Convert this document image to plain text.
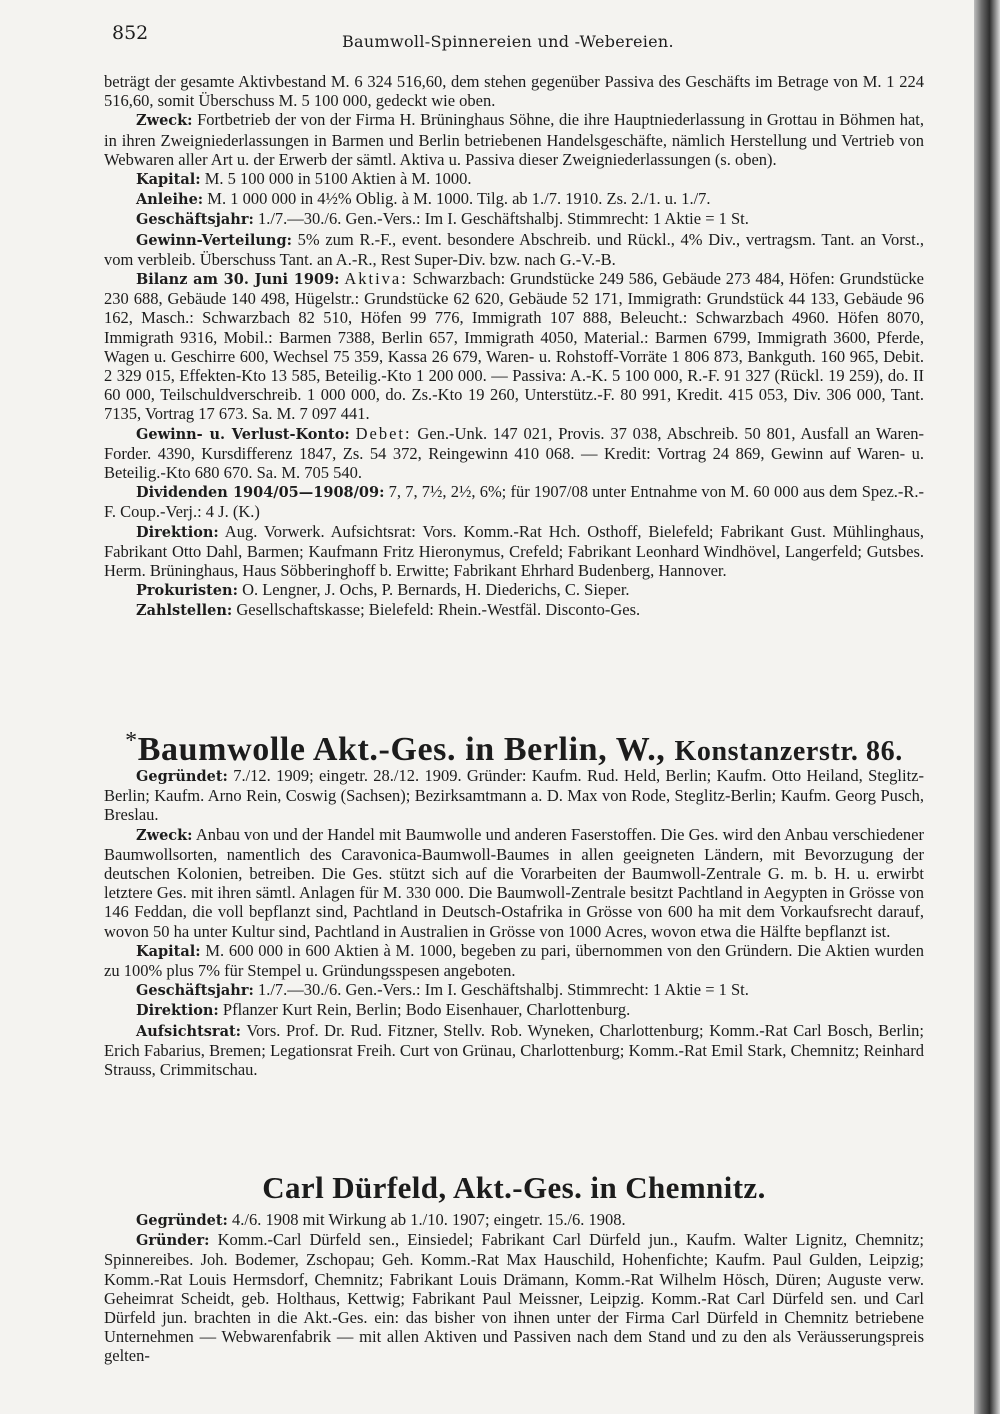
852	Baumwoll-Spinnereien und -Webereien.

beträgt der gesamte Aktivbestand M. 6 324 516,60, dem stehen gegenüber Passiva des Geschäfts im Betrage von M. 1 224 516,60, somit Überschuss M. 5 100 000, gedeckt wie oben.

Zweck: Fortbetrieb der von der Firma H. Brüninghaus Söhne, die ihre Hauptniederlassung in Grottau in Böhmen hat, in ihren Zweigniederlassungen in Barmen und Berlin betriebenen Handelsgeschäfte, nämlich Herstellung und Vertrieb von Webwaren aller Art u. der Erwerb der sämtl. Aktiva u. Passiva dieser Zweigniederlassungen (s. oben).

Kapital: M. 5 100 000 in 5100 Aktien à M. 1000.

Anleihe: M. 1 000 000 in 4½% Oblig. à M. 1000. Tilg. ab 1./7. 1910. Zs. 2./1. u. 1./7.

Geschäftsjahr: 1./7.—30./6. Gen.-Vers.: Im I. Geschäftshalbj. Stimmrecht: 1 Aktie = 1 St.

Gewinn-Verteilung: 5% zum R.-F., event. besondere Abschreib. und Rückl., 4% Div., vertragsm. Tant. an Vorst., vom verbleib. Überschuss Tant. an A.-R., Rest Super-Div. bzw. nach G.-V.-B.

Bilanz am 30. Juni 1909: Aktiva: Schwarzbach: Grundstücke 249 586, Gebäude 273 484, Höfen: Grundstücke 230 688, Gebäude 140 498, Hügelstr.: Grundstücke 62 620, Gebäude 52 171, Immigrath: Grundstück 44 133, Gebäude 96 162, Masch.: Schwarzbach 82 510, Höfen 99 776, Immigrath 107 888, Beleucht.: Schwarzbach 4960. Höfen 8070, Immigrath 9316, Mobil.: Barmen 7388, Berlin 657, Immigrath 4050, Material.: Barmen 6799, Immigrath 3600, Pferde, Wagen u. Geschirre 600, Wechsel 75 359, Kassa 26 679, Waren- u. Rohstoff-Vorräte 1 806 873, Bankguth. 160 965, Debit. 2 329 015, Effekten-Kto 13 585, Beteilig.-Kto 1 200 000. — Passiva: A.-K. 5 100 000, R.-F. 91 327 (Rückl. 19 259), do. II 60 000, Teilschuldverschreib. 1 000 000, do. Zs.-Kto 19 260, Unterstütz.-F. 80 991, Kredit. 415 053, Div. 306 000, Tant. 7135, Vortrag 17 673. Sa. M. 7 097 441.

Gewinn- u. Verlust-Konto: Debet: Gen.-Unk. 147 021, Provis. 37 038, Abschreib. 50 801, Ausfall an Waren-Forder. 4390, Kursdifferenz 1847, Zs. 54 372, Reingewinn 410 068. — Kredit: Vortrag 24 869, Gewinn auf Waren- u. Beteilig.-Kto 680 670. Sa. M. 705 540.

Dividenden 1904/05—1908/09: 7, 7, 7½, 2½, 6%; für 1907/08 unter Entnahme von M. 60 000 aus dem Spez.-R.-F. Coup.-Verj.: 4 J. (K.)

Direktion: Aug. Vorwerk. Aufsichtsrat: Vors. Komm.-Rat Hch. Osthoff, Bielefeld; Fabrikant Gust. Mühlinghaus, Fabrikant Otto Dahl, Barmen; Kaufmann Fritz Hieronymus, Crefeld; Fabrikant Leonhard Windhövel, Langerfeld; Gutsbes. Herm. Brüninghaus, Haus Söbberinghoff b. Erwitte; Fabrikant Ehrhard Budenberg, Hannover.

Prokuristen: O. Lengner, J. Ochs, P. Bernards, H. Diederichs, C. Sieper.

Zahlstellen: Gesellschaftskasse; Bielefeld: Rhein.-Westfäl. Disconto-Ges.

*Baumwolle Akt.-Ges. in Berlin, W., Konstanzerstr. 86.

Gegründet: 7./12. 1909; eingetr. 28./12. 1909. Gründer: Kaufm. Rud. Held, Berlin; Kaufm. Otto Heiland, Steglitz-Berlin; Kaufm. Arno Rein, Coswig (Sachsen); Bezirksamtmann a. D. Max von Rode, Steglitz-Berlin; Kaufm. Georg Pusch, Breslau.

Zweck: Anbau von und der Handel mit Baumwolle und anderen Faserstoffen. Die Ges. wird den Anbau verschiedener Baumwollsorten, namentlich des Caravonica-Baumwoll-Baumes in allen geeigneten Ländern, mit Bevorzugung der deutschen Kolonien, betreiben. Die Ges. stützt sich auf die Vorarbeiten der Baumwoll-Zentrale G. m. b. H. u. erwirbt letztere Ges. mit ihren sämtl. Anlagen für M. 330 000. Die Baumwoll-Zentrale besitzt Pachtland in Aegypten in Grösse von 146 Feddan, die voll bepflanzt sind, Pachtland in Deutsch-Ostafrika in Grösse von 600 ha mit dem Vorkaufsrecht darauf, wovon 50 ha unter Kultur sind, Pachtland in Australien in Grösse von 1000 Acres, wovon etwa die Hälfte bepflanzt ist.

Kapital: M. 600 000 in 600 Aktien à M. 1000, begeben zu pari, übernommen von den Gründern. Die Aktien wurden zu 100% plus 7% für Stempel u. Gründungsspesen angeboten.

Geschäftsjahr: 1./7.—30./6. Gen.-Vers.: Im I. Geschäftshalbj. Stimmrecht: 1 Aktie = 1 St.

Direktion: Pflanzer Kurt Rein, Berlin; Bodo Eisenhauer, Charlottenburg.

Aufsichtsrat: Vors. Prof. Dr. Rud. Fitzner, Stellv. Rob. Wyneken, Charlottenburg; Komm.-Rat Carl Bosch, Berlin; Erich Fabarius, Bremen; Legationsrat Freih. Curt von Grünau, Charlottenburg; Komm.-Rat Emil Stark, Chemnitz; Reinhard Strauss, Crimmitschau.

Carl Dürfeld, Akt.-Ges. in Chemnitz.

Gegründet: 4./6. 1908 mit Wirkung ab 1./10. 1907; eingetr. 15./6. 1908.

Gründer: Komm.-Carl Dürfeld sen., Einsiedel; Fabrikant Carl Dürfeld jun., Kaufm. Walter Lignitz, Chemnitz; Spinnereibes. Joh. Bodemer, Zschopau; Geh. Komm.-Rat Max Hauschild, Hohenfichte; Kaufm. Paul Gulden, Leipzig; Komm.-Rat Louis Hermsdorf, Chemnitz; Fabrikant Louis Drämann, Komm.-Rat Wilhelm Hösch, Düren; Auguste verw. Geheimrat Scheidt, geb. Holthaus, Kettwig; Fabrikant Paul Meissner, Leipzig. Komm.-Rat Carl Dürfeld sen. und Carl Dürfeld jun. brachten in die Akt.-Ges. ein: das bisher von ihnen unter der Firma Carl Dürfeld in Chemnitz betriebene Unternehmen — Webwarenfabrik — mit allen Aktiven und Passiven nach dem Stand und zu den als Veräusserungspreis gelten-
